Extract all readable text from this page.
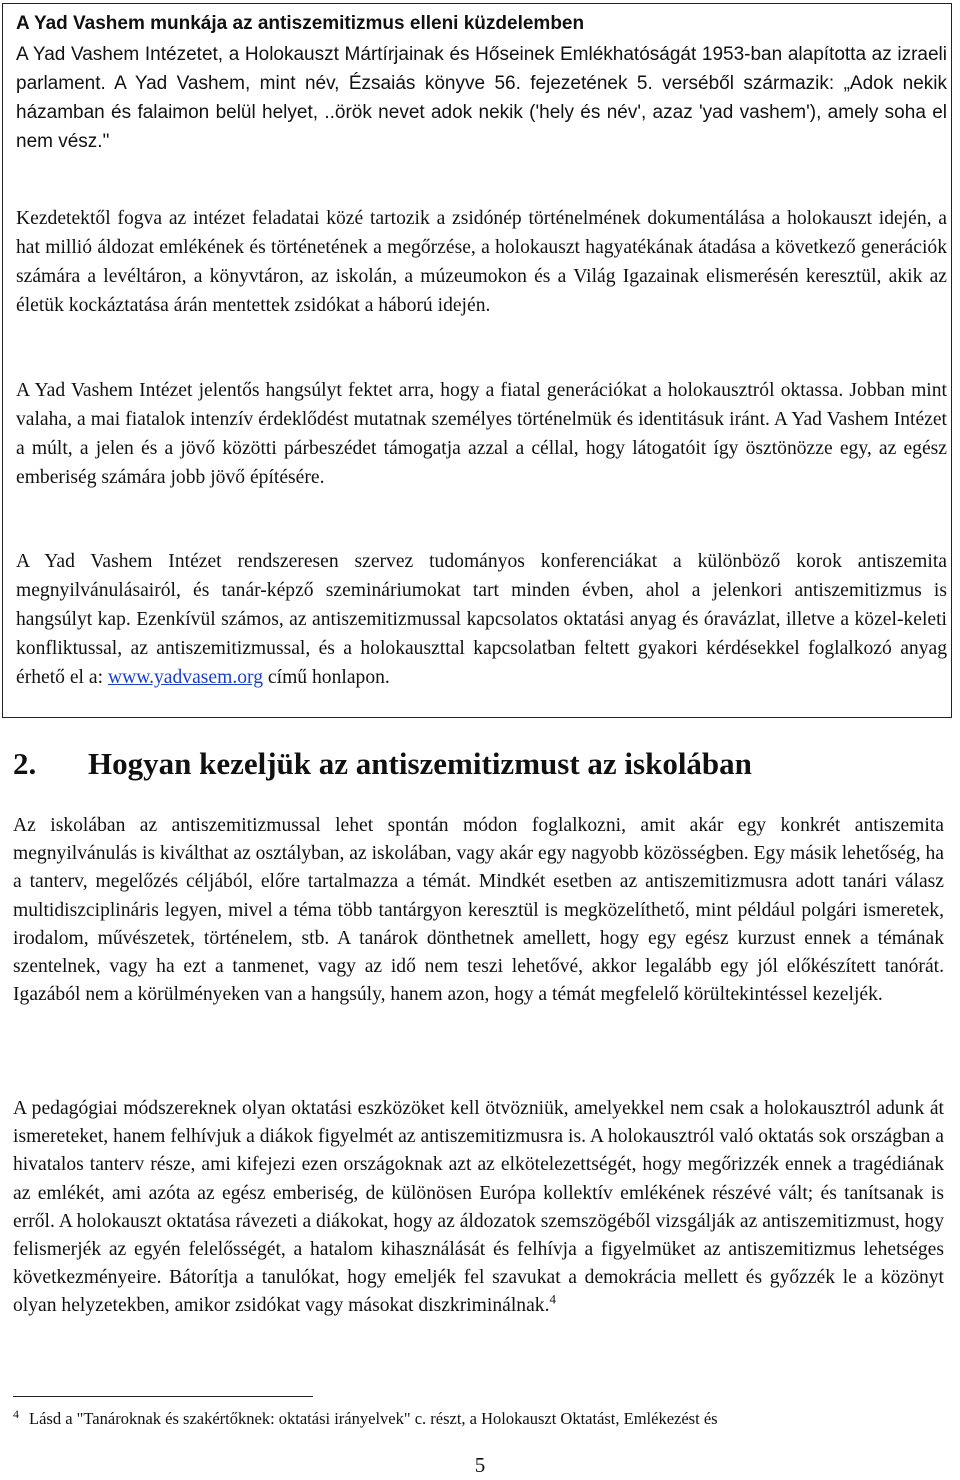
A Yad Vashem munkája az antiszemitizmus elleni küzdelemben
A Yad Vashem Intézetet, a Holokauszt Mártírjainak és Hőseinek Emlékhatóságát 1953-ban alapította az izraeli parlament. A Yad Vashem, mint név, Ézsaiás könyve 56. fejezetének 5. verséből származik: „Adok nekik házamban és falaimon belül helyet, ..örök nevet adok nekik ('hely és név', azaz 'yad vashem'), amely soha el nem vész."
Kezdetektől fogva az intézet feladatai közé tartozik a zsidónép történelmének dokumentálása a holokauszt idején, a hat millió áldozat emlékének és történetének a megőrzése, a holokauszt hagyatékának átadása a következő generációk számára a levéltáron, a könyvtáron, az iskolán, a múzeumokon és a Világ Igazainak elismerésén keresztül, akik az életük kockáztatása árán mentettek zsidókat a háború idején.
A Yad Vashem Intézet jelentős hangsúlyt fektet arra, hogy a fiatal generációkat a holokausztról oktassa. Jobban mint valaha, a mai fiatalok intenzív érdeklődést mutatnak személyes történelmük és identitásuk iránt. A Yad Vashem Intézet a múlt, a jelen és a jövő közötti párbeszédet támogatja azzal a céllal, hogy látogatóit így ösztönözze egy, az egész emberiség számára jobb jövő építésére.
A Yad Vashem Intézet rendszeresen szervez tudományos konferenciákat a különböző korok antiszemita megnyilvánulásairól, és tanár-képző szemináriumokat tart minden évben, ahol a jelenkori antiszemitizmus is hangsúlyt kap. Ezenkívül számos, az antiszemitizmussal kapcsolatos oktatási anyag és óravázlat, illetve a közel-keleti konfliktussal, az antiszemitizmussal, és a holokauszttal kapcsolatban feltett gyakori kérdésekkel foglalkozó anyag érhető el a: www.yadvasem.org című honlapon.
2. Hogyan kezeljük az antiszemitizmust az iskolában
Az iskolában az antiszemitizmussal lehet spontán módon foglalkozni, amit akár egy konkrét antiszemita megnyilvánulás is kiválthat az osztályban, az iskolában, vagy akár egy nagyobb közösségben. Egy másik lehetőség, ha a tanterv, megelőzés céljából, előre tartalmazza a témát. Mindkét esetben az antiszemitizmusra adott tanári válasz multidiszciplináris legyen, mivel a téma több tantárgyon keresztül is megközelíthető, mint például polgári ismeretek, irodalom, művészetek, történelem, stb. A tanárok dönthetnek amellett, hogy egy egész kurzust ennek a témának szentelnek, vagy ha ezt a tanmenet, vagy az idő nem teszi lehetővé, akkor legalább egy jól előkészített tanórát. Igazából nem a körülményeken van a hangsúly, hanem azon, hogy a témát megfelelő körültekintéssel kezeljék.
A pedagógiai módszereknek olyan oktatási eszközöket kell ötvözniük, amelyekkel nem csak a holokausztról adunk át ismereteket, hanem felhívjuk a diákok figyelmét az antiszemitizmusra is. A holokausztról való oktatás sok országban a hivatalos tanterv része, ami kifejezi ezen országoknak azt az elkötelezettségét, hogy megőrizzék ennek a tragédiának az emlékét, ami azóta az egész emberiség, de különösen Európa kollektív emlékének részévé vált; és tanítsanak is erről. A holokauszt oktatása rávezeti a diákokat, hogy az áldozatok szemszögéből vizsgálják az antiszemitizmust, hogy felismerjék az egyén felelősségét, a hatalom kihasználását és felhívja a figyelmüket az antiszemitizmus lehetséges következményeire. Bátorítja a tanulókat, hogy emeljék fel szavukat a demokrácia mellett és győzzék le a közönyt olyan helyzetekben, amikor zsidókat vagy másokat diszkriminálnak.$^4$
$^4$ Lásd a "Tanároknak és szakértőknek: oktatási irányelvek" c. részt, a Holokauszt Oktatást, Emlékezést és
5
